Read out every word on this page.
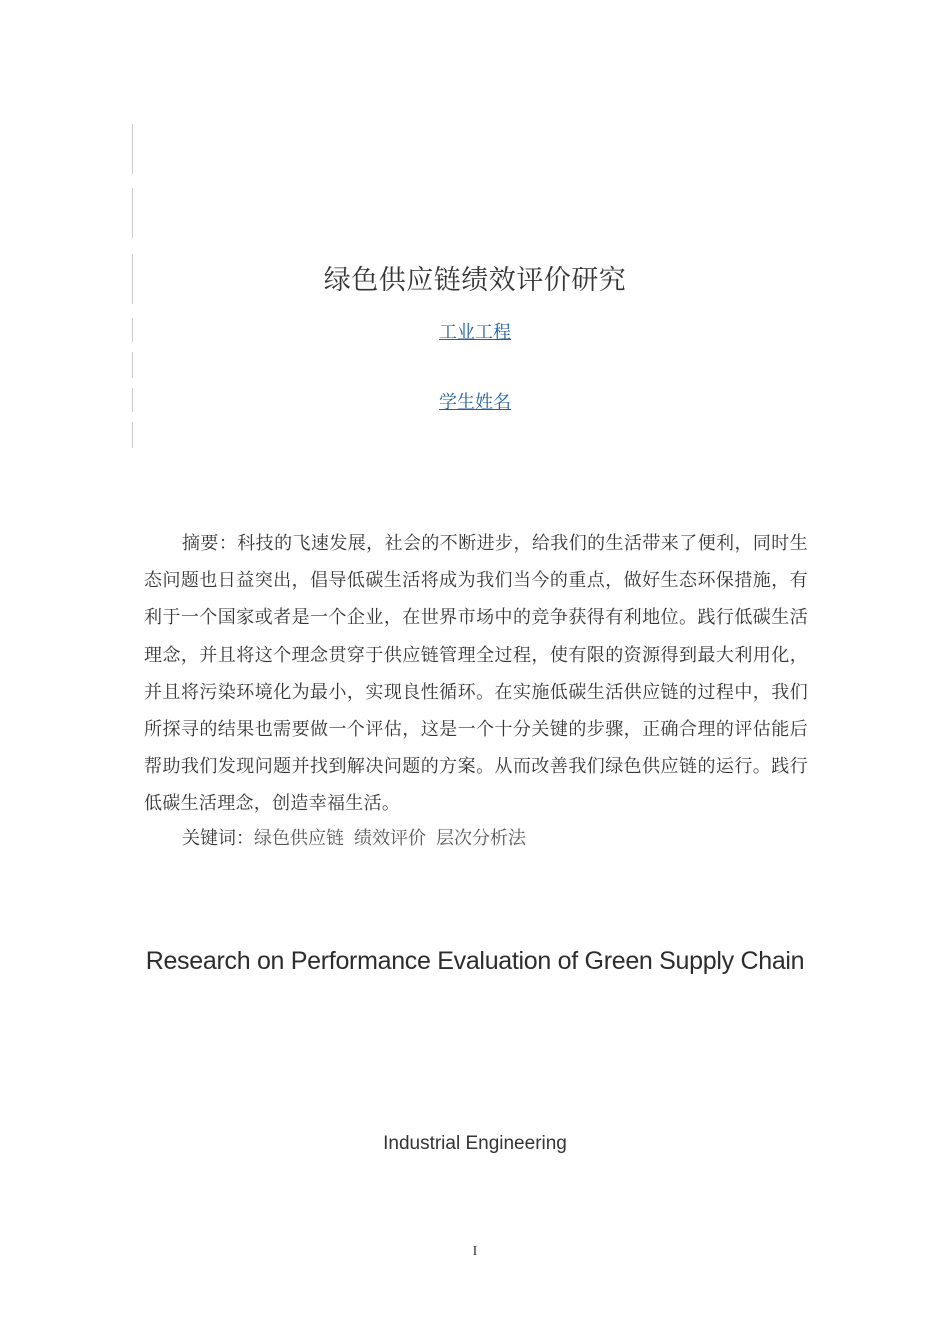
绿色供应链绩效评价研究
工业工程
学生姓名

摘要：科技的飞速发展，社会的不断进步，给我们的生活带来了便利，同时生态问题也日益突出，倡导低碳生活将成为我们当今的重点，做好生态环保措施，有利于一个国家或者是一个企业，在世界市场中的竞争获得有利地位。践行低碳生活理念，并且将这个理念贯穿于供应链管理全过程，使有限的资源得到最大利用化，并且将污染环境化为最小，实现良性循环。在实施低碳生活供应链的过程中，我们所探寻的结果也需要做一个评估，这是一个十分关键的步骤，正确合理的评估能后帮助我们发现问题并找到解决问题的方案。从而改善我们绿色供应链的运行。践行低碳生活理念，创造幸福生活。

关键词：绿色供应链 绩效评价 层次分析法

Research on Performance Evaluation of Green Supply Chain

Industrial Engineering
I
